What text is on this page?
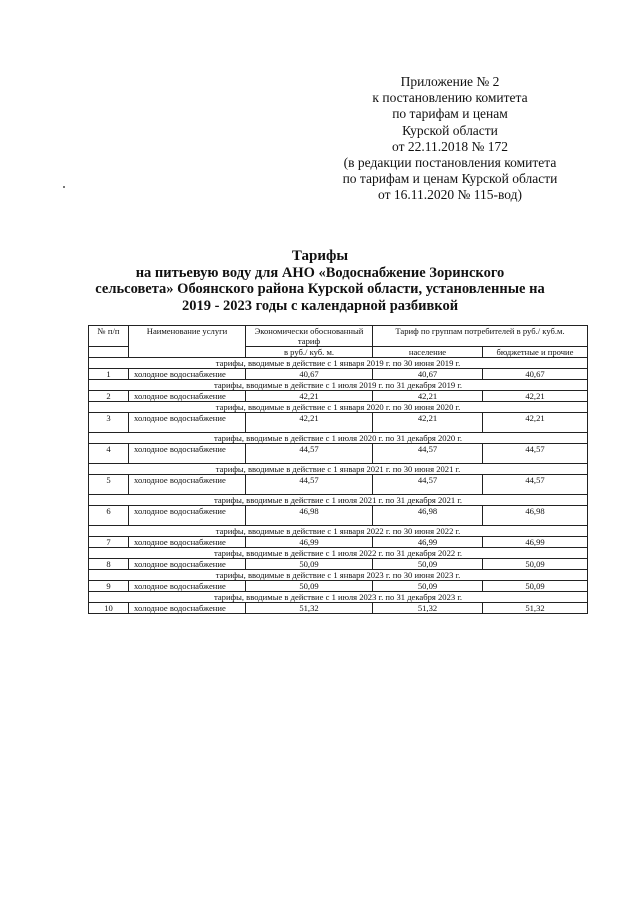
Приложение № 2
к постановлению комитета
по тарифам и ценам
Курской области
от 22.11.2018 № 172
(в редакции постановления комитета
по тарифам и ценам Курской области
от 16.11.2020 № 115-вод)
Тарифы
на питьевую воду для АНО «Водоснабжение Зоринского
сельсовета» Обоянского района Курской области, установленные на
2019 - 2023 годы с календарной разбивкой
№ п/п	Наименование услуги	Экономически обоснованный тариф	Тариф по группам потребителей в руб./ куб.м.	

		в руб./ куб. м.	население	бюджетные и прочие
тарифы, вводимые в действие с 1 января 2019 г. по 30 июня 2019 г.				
1	холодное водоснабжение	40,67	40,67	40,67
тарифы, вводимые в действие с 1 июля 2019 г. по 31 декабря 2019 г.				
2	холодное водоснабжение	42,21	42,21	42,21
тарифы, вводимые в действие с 1 января 2020 г. по 30 июня 2020 г.				
3	холодное водоснабжение	42,21	42,21	42,21
тарифы, вводимые в действие с 1 июля 2020 г. по 31 декабря 2020 г.				
4	холодное водоснабжение	44,57	44,57	44,57
тарифы, вводимые в действие с 1 января 2021 г. по 30 июня 2021 г.				
5	холодное водоснабжение	44,57	44,57	44,57
тарифы, вводимые в действие с 1 июля 2021 г. по 31 декабря 2021 г.				
6	холодное водоснабжение	46,98	46,98	46,98
тарифы, вводимые в действие с 1 января 2022 г. по 30 июня 2022 г.				
7	холодное водоснабжение	46,99	46,99	46,99
тарифы, вводимые в действие с 1 июля 2022 г. по 31 декабря 2022 г.				
8	холодное водоснабжение	50,09	50,09	50,09
тарифы, вводимые в действие с 1 января 2023 г. по 30 июня 2023 г.				
9	холодное водоснабжение	50,09	50,09	50,09
тарифы, вводимые в действие с 1 июля 2023 г. по 31 декабря 2023 г.				
10	холодное водоснабжение	51,32	51,32	51,32
